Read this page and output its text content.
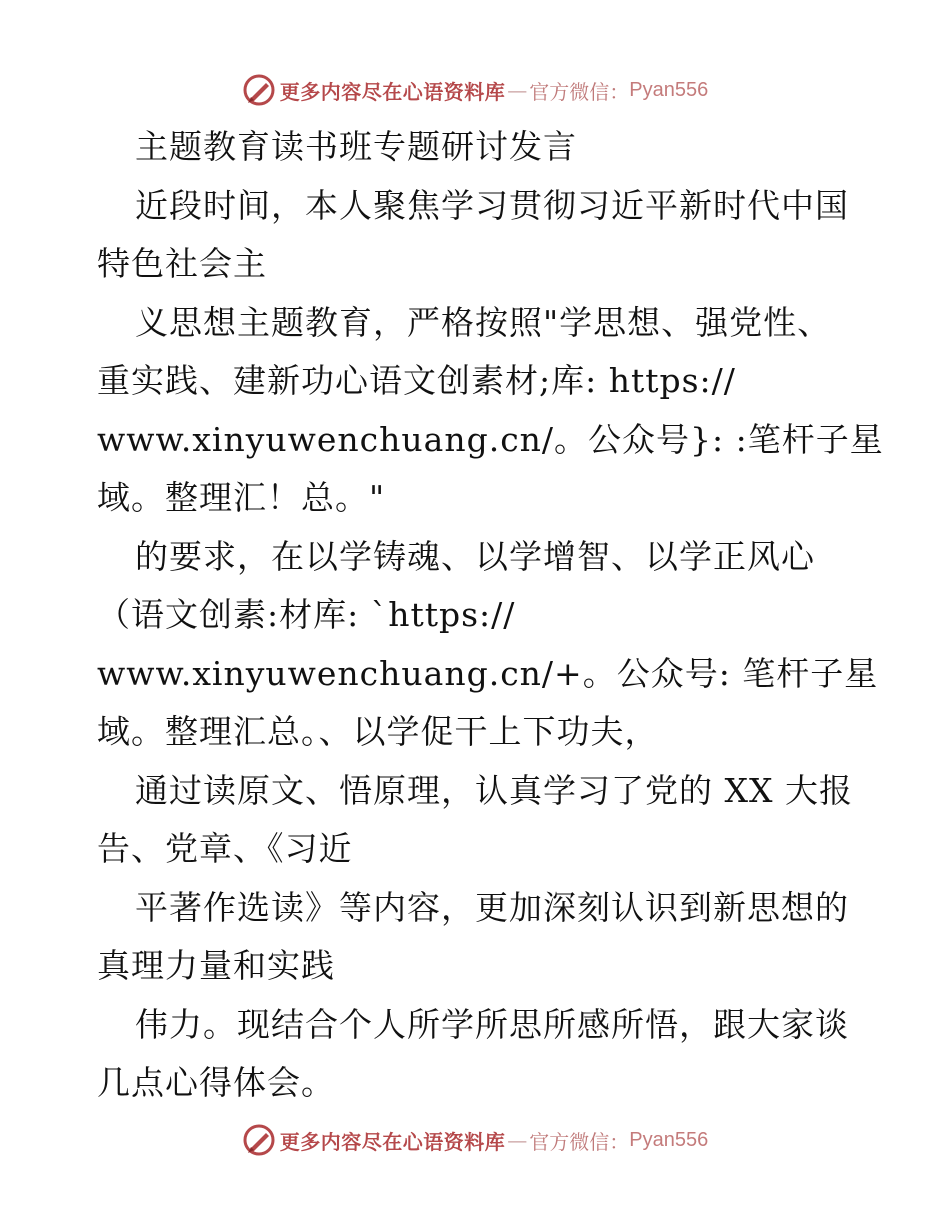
更多内容尽在心语资料库 — 官方微信： Pyan556
主题教育读书班专题研讨发言
近段时间，本人聚焦学习贯彻习近平新时代中国
特色社会主
义思想主题教育，严格按照"学思想、强党性、
重实践、建新功心语文创素材;库: https://
www.xinyuwenchuang.cn/。公众号}: :笔杆子星
域。整理汇！总。"
的要求，在以学铸魂、以学增智、以学正风心
（语文创素:材库: `https://
www.xinyuwenchuang.cn/+。公众号: 笔杆子星
域。整理汇总。、以学促干上下功夫，
通过读原文、悟原理，认真学习了党的 XX 大报
告、党章、《习近
平著作选读》等内容，更加深刻认识到新思想的
真理力量和实践
伟力。现结合个人所学所思所感所悟，跟大家谈
几点心得体会。
更多内容尽在心语资料库 — 官方微信： Pyan556
